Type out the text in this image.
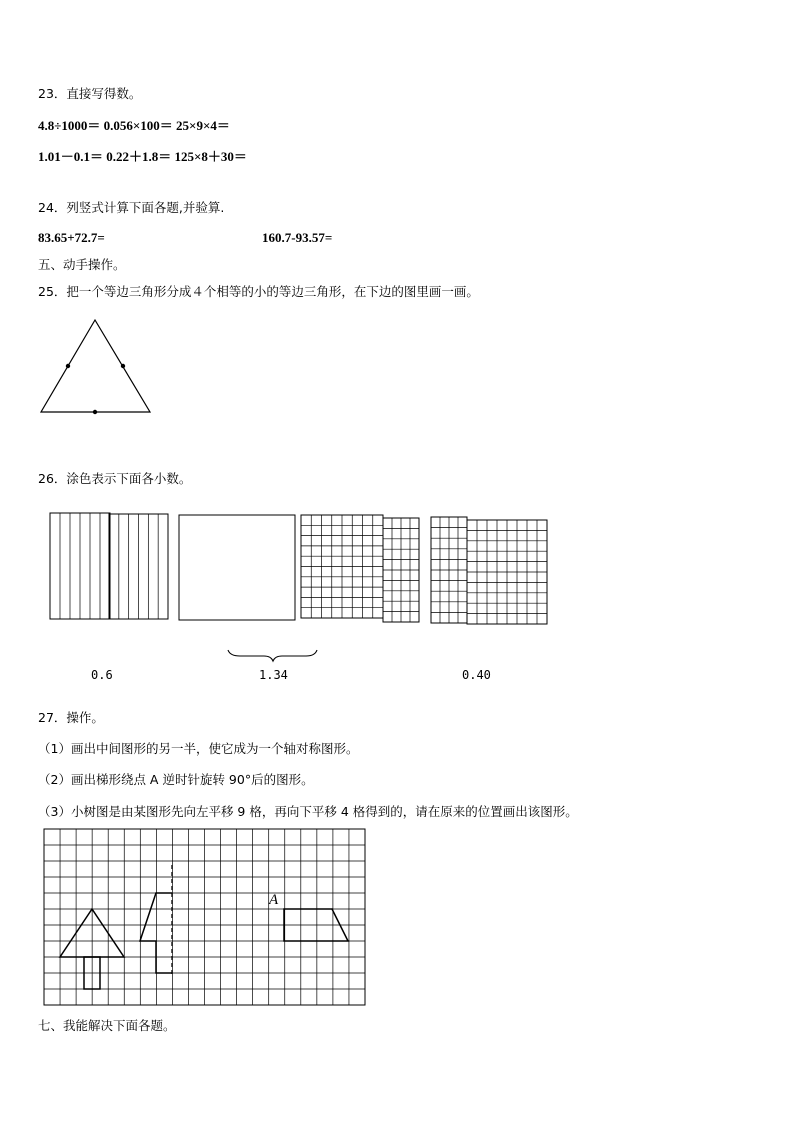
23．直接写得数。
4.8÷1000＝ 0.056×100＝ 25×9×4＝
1.01－0.1＝ 0.22＋1.8＝ 125×8＋30＝
24．列竖式计算下面各题,并验算.
83.65+72.7=	160.7-93.57=
五、动手操作。
25．把一个等边三角形分成４个相等的小的等边三角形，在下边的图里画一画。
26．涂色表示下面各小数。
0.6	1.34	0.40
27．操作。
（1）画出中间图形的另一半，使它成为一个轴对称图形。
（2）画出梯形绕点 A 逆时针旋转 90°后的图形。
（3）小树图是由某图形先向左平移 9 格，再向下平移 4 格得到的，请在原来的位置画出该图形。
A
七、我能解决下面各题。
